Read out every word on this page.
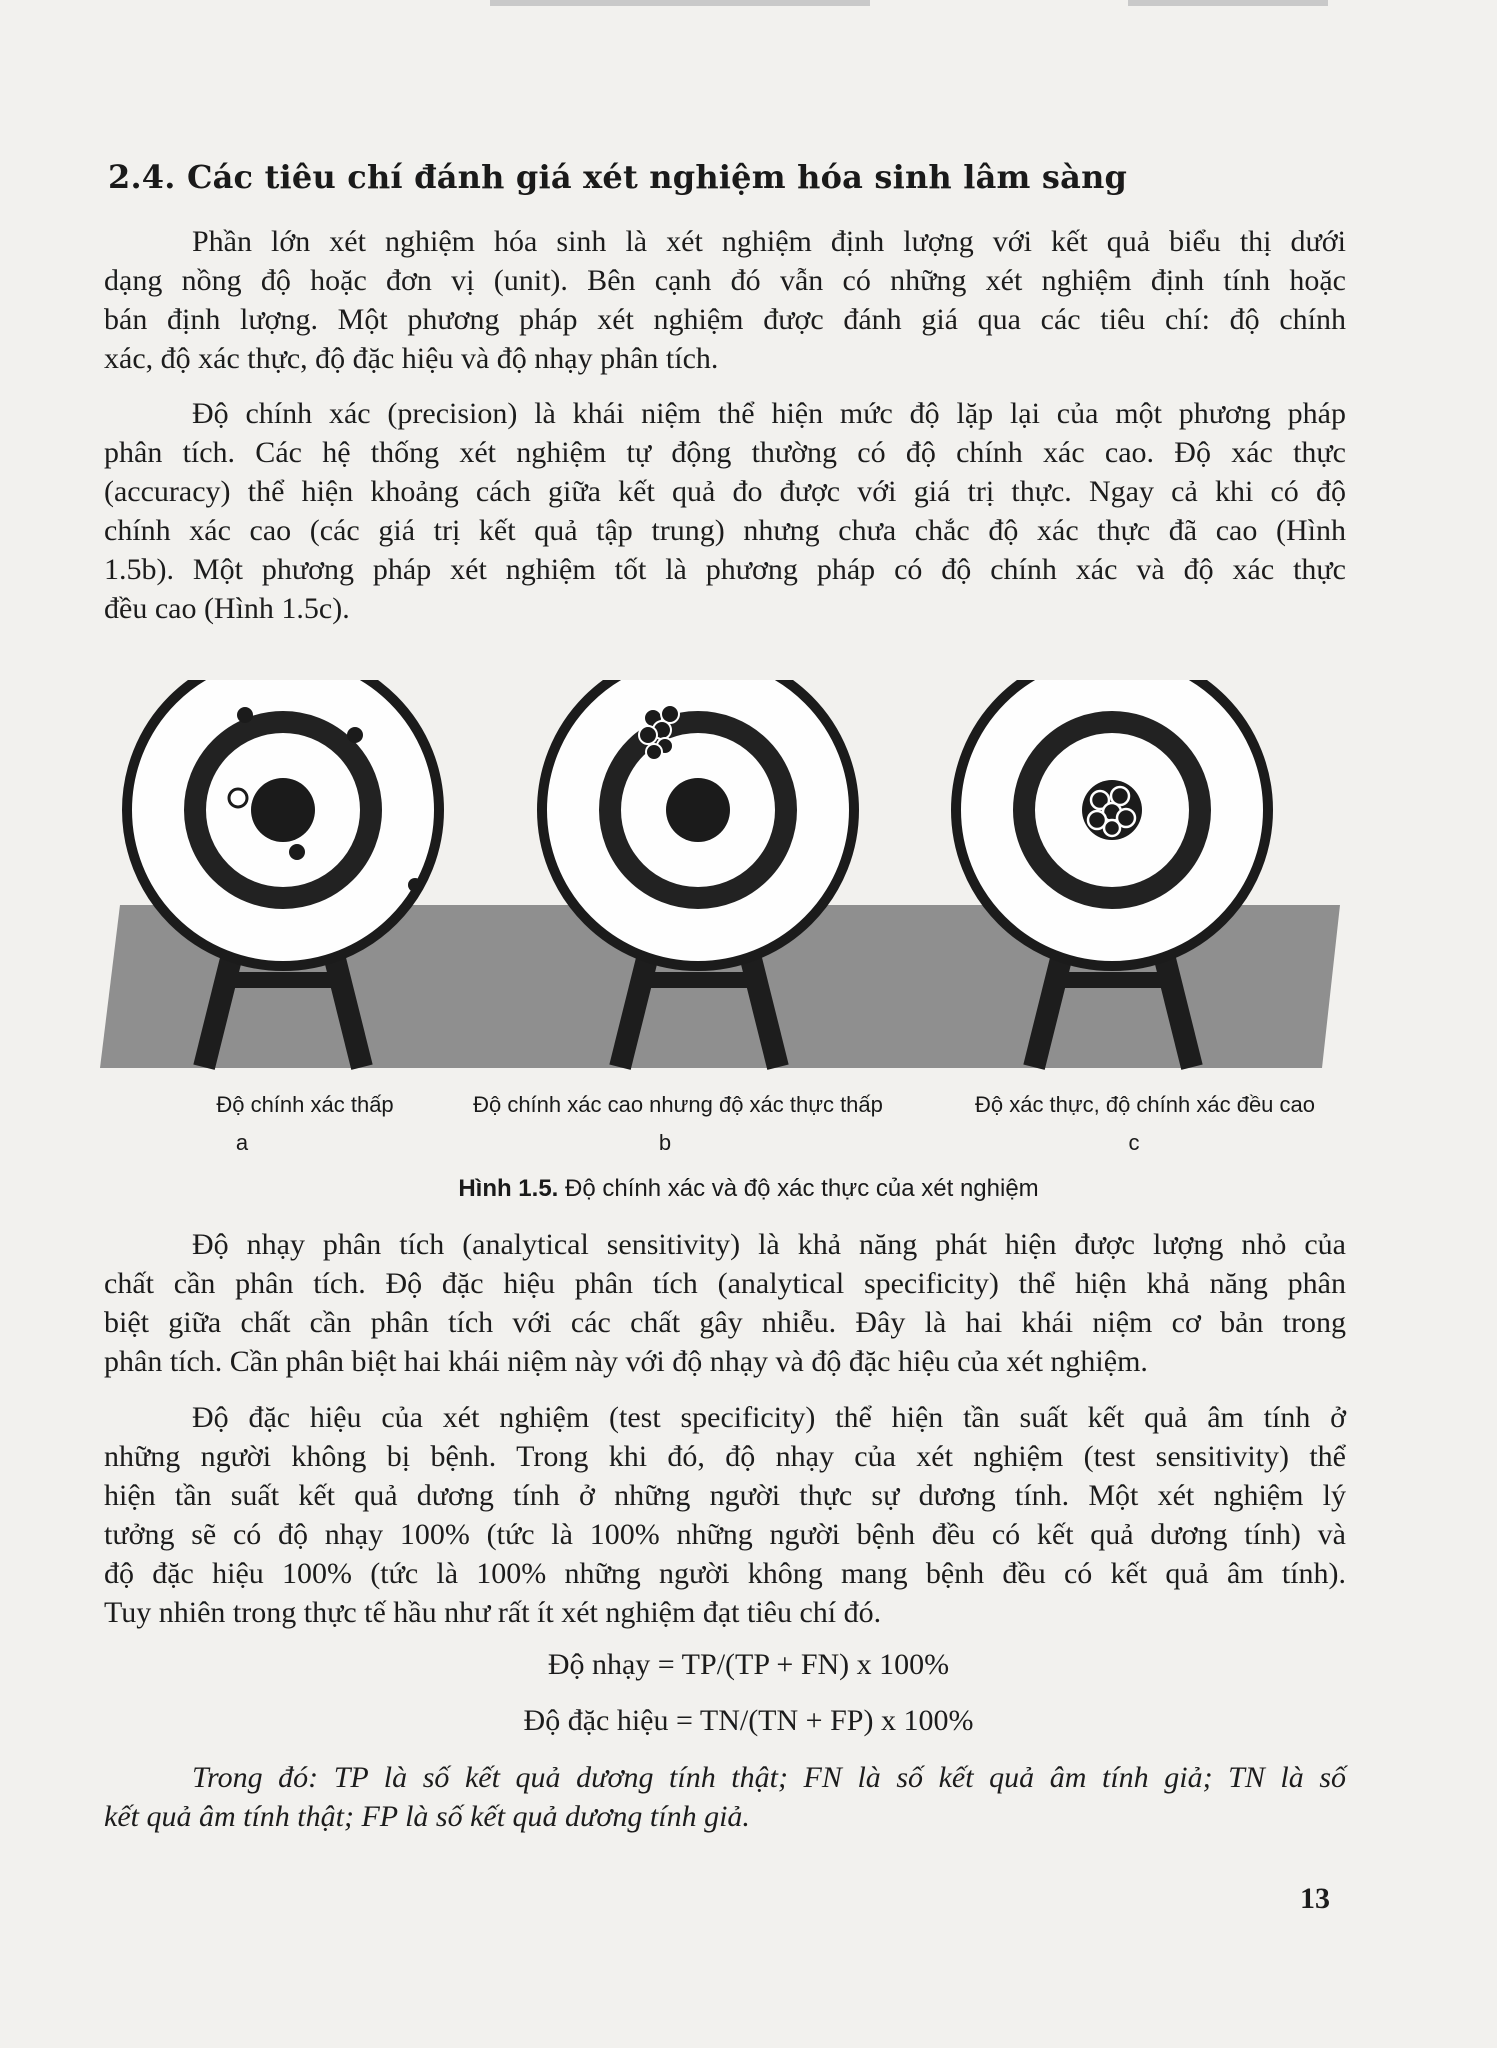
2.4. Các tiêu chí đánh giá xét nghiệm hóa sinh lâm sàng

Phần lớn xét nghiệm hóa sinh là xét nghiệm định lượng với kết quả biểu thị dưới
dạng nồng độ hoặc đơn vị (unit). Bên cạnh đó vẫn có những xét nghiệm định tính hoặc
bán định lượng. Một phương pháp xét nghiệm được đánh giá qua các tiêu chí: độ chính
xác, độ xác thực, độ đặc hiệu và độ nhạy phân tích.

Độ chính xác (precision) là khái niệm thể hiện mức độ lặp lại của một phương pháp
phân tích. Các hệ thống xét nghiệm tự động thường có độ chính xác cao. Độ xác thực
(accuracy) thể hiện khoảng cách giữa kết quả đo được với giá trị thực. Ngay cả khi có độ
chính xác cao (các giá trị kết quả tập trung) nhưng chưa chắc độ xác thực đã cao (Hình
1.5b). Một phương pháp xét nghiệm tốt là phương pháp có độ chính xác và độ xác thực
đều cao (Hình 1.5c).

Độ chính xác thấp	Độ chính xác cao nhưng độ xác thực thấp	Độ xác thực, độ chính xác đều cao
a	b	c
Hình 1.5. Độ chính xác và độ xác thực của xét nghiệm

Độ nhạy phân tích (analytical sensitivity) là khả năng phát hiện được lượng nhỏ của
chất cần phân tích. Độ đặc hiệu phân tích (analytical specificity) thể hiện khả năng phân
biệt giữa chất cần phân tích với các chất gây nhiễu. Đây là hai khái niệm cơ bản trong
phân tích. Cần phân biệt hai khái niệm này với độ nhạy và độ đặc hiệu của xét nghiệm.

Độ đặc hiệu của xét nghiệm (test specificity) thể hiện tần suất kết quả âm tính ở
những người không bị bệnh. Trong khi đó, độ nhạy của xét nghiệm (test sensitivity) thể
hiện tần suất kết quả dương tính ở những người thực sự dương tính. Một xét nghiệm lý
tưởng sẽ có độ nhạy 100% (tức là 100% những người bệnh đều có kết quả dương tính) và
độ đặc hiệu 100% (tức là 100% những người không mang bệnh đều có kết quả âm tính).
Tuy nhiên trong thực tế hầu như rất ít xét nghiệm đạt tiêu chí đó.

Độ nhạy = TP/(TP + FN) x 100%
Độ đặc hiệu = TN/(TN + FP) x 100%

Trong đó: TP là số kết quả dương tính thật; FN là số kết quả âm tính giả; TN là số
kết quả âm tính thật; FP là số kết quả dương tính giả.

13
